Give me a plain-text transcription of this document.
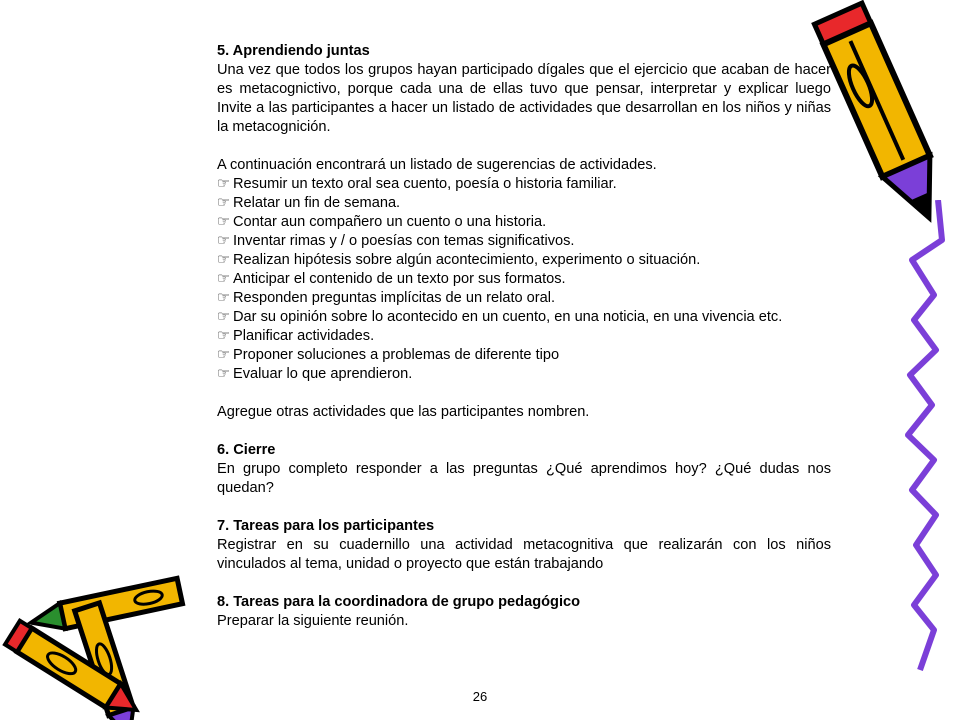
5. Aprendiendo juntas

Una vez que todos los grupos hayan participado dígales que el ejercicio que acaban de hacer es metacognictivo, porque cada una de ellas tuvo que pensar, interpretar y explicar luego Invite a las participantes a hacer un listado de actividades que desarrollan en los niños y niñas la metacognición.

A continuación encontrará un listado de sugerencias de actividades.

☞ Resumir un texto oral sea cuento, poesía o historia familiar.

☞ Relatar un fin de semana.

☞ Contar aun compañero un cuento o una historia.

☞ Inventar rimas y / o poesías con temas significativos.

☞ Realizan hipótesis sobre algún acontecimiento, experimento o situación.

☞ Anticipar el contenido de un texto por sus formatos.

☞ Responden preguntas implícitas de un relato oral.

☞ Dar su opinión sobre lo acontecido en un cuento, en una noticia, en una vivencia etc.

☞ Planificar actividades.

☞ Proponer soluciones a problemas de diferente tipo

☞ Evaluar lo que aprendieron.

Agregue otras actividades que las participantes nombren.

6. Cierre

En grupo completo responder a las preguntas ¿Qué aprendimos hoy? ¿Qué dudas nos quedan?

7. Tareas para los participantes

Registrar en su cuadernillo una actividad metacognitiva que realizarán con los niños vinculados al tema, unidad o proyecto que están trabajando

8. Tareas para la coordinadora de grupo pedagógico

Preparar la siguiente reunión.

26
